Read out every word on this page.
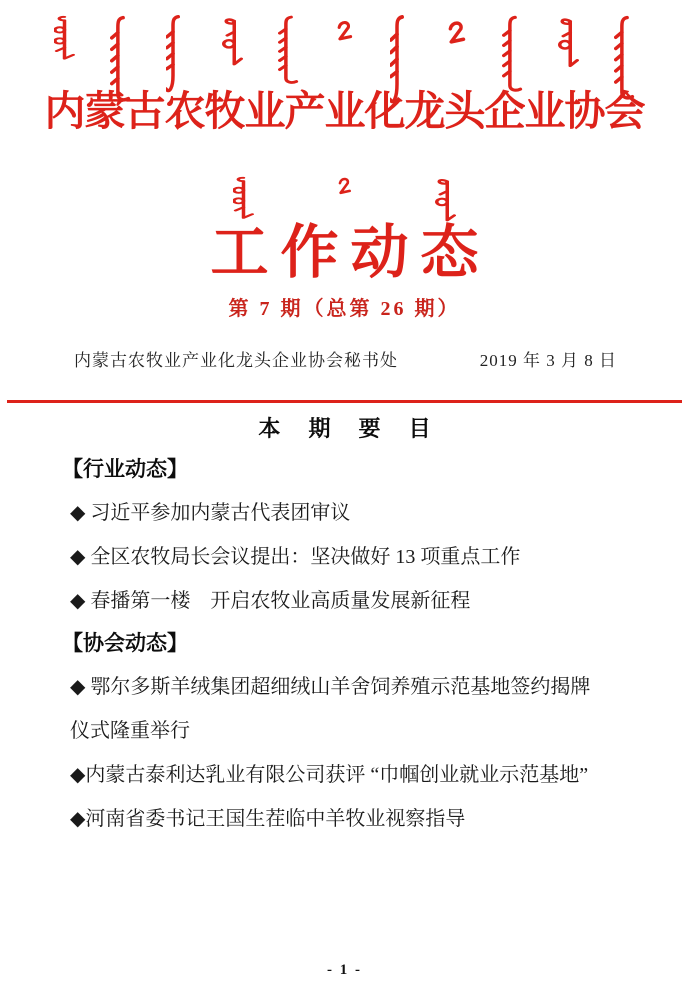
内蒙古农牧业产业化龙头企业协会
工作动态
第 7 期（总第 26 期）
内蒙古农牧业产业化龙头企业协会秘书处	2019 年 3 月 8 日
本 期 要 目
【行业动态】
◆ 习近平参加内蒙古代表团审议
◆ 全区农牧局长会议提出：坚决做好 13 项重点工作
◆ 春播第一楼　开启农牧业高质量发展新征程
【协会动态】
◆ 鄂尔多斯羊绒集团超细绒山羊舍饲养殖示范基地签约揭牌仪式隆重举行
◆内蒙古泰利达乳业有限公司获评 “巾帼创业就业示范基地”
◆河南省委书记王国生茬临中羊牧业视察指导
- 1 -
